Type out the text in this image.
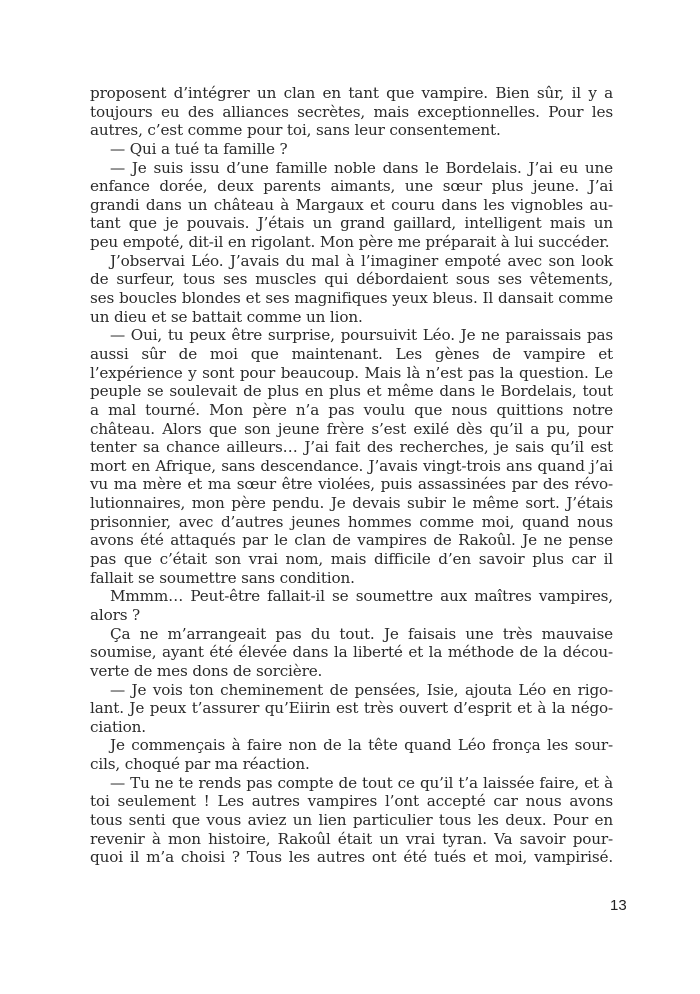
proposent d’intégrer un clan en tant que vampire. Bien sûr, il y a
toujours eu des alliances secrètes, mais exceptionnelles. Pour les
autres, c’est comme pour toi, sans leur consentement.
— Qui a tué ta famille ?
— Je suis issu d’une famille noble dans le Bordelais. J’ai eu une
enfance dorée, deux parents aimants, une sœur plus jeune. J’ai
grandi dans un château à Margaux et couru dans les vignobles au-
tant que je pouvais. J’étais un grand gaillard, intelligent mais un
peu empoté, dit-il en rigolant. Mon père me préparait à lui succéder.
J’observai Léo. J’avais du mal à l’imaginer empoté avec son look
de surfeur, tous ses muscles qui débordaient sous ses vêtements,
ses boucles blondes et ses magnifiques yeux bleus. Il dansait comme
un dieu et se battait comme un lion.
— Oui, tu peux être surprise, poursuivit Léo. Je ne paraissais pas
aussi sûr de moi que maintenant. Les gènes de vampire et
l’expérience y sont pour beaucoup. Mais là n’est pas la question. Le
peuple se soulevait de plus en plus et même dans le Bordelais, tout
a mal tourné. Mon père n’a pas voulu que nous quittions notre
château. Alors que son jeune frère s’est exilé dès qu’il a pu, pour
tenter sa chance ailleurs… J’ai fait des recherches, je sais qu’il est
mort en Afrique, sans descendance. J’avais vingt-trois ans quand j’ai
vu ma mère et ma sœur être violées, puis assassinées par des révo-
lutionnaires, mon père pendu. Je devais subir le même sort. J’étais
prisonnier, avec d’autres jeunes hommes comme moi, quand nous
avons été attaqués par le clan de vampires de Rakoûl. Je ne pense
pas que c’était son vrai nom, mais difficile d’en savoir plus car il
fallait se soumettre sans condition.
Mmmm… Peut-être fallait-il se soumettre aux maîtres vampires,
alors ?
Ça ne m’arrangeait pas du tout. Je faisais une très mauvaise
soumise, ayant été élevée dans la liberté et la méthode de la décou-
verte de mes dons de sorcière.
— Je vois ton cheminement de pensées, Isie, ajouta Léo en rigo-
lant. Je peux t’assurer qu’Eiirin est très ouvert d’esprit et à la négo-
ciation.
Je commençais à faire non de la tête quand Léo fronça les sour-
cils, choqué par ma réaction.
— Tu ne te rends pas compte de tout ce qu’il t’a laissée faire, et à
toi seulement ! Les autres vampires l’ont accepté car nous avons
tous senti que vous aviez un lien particulier tous les deux. Pour en
revenir à mon histoire, Rakoûl était un vrai tyran. Va savoir pour-
quoi il m’a choisi ? Tous les autres ont été tués et moi, vampirisé.
13
